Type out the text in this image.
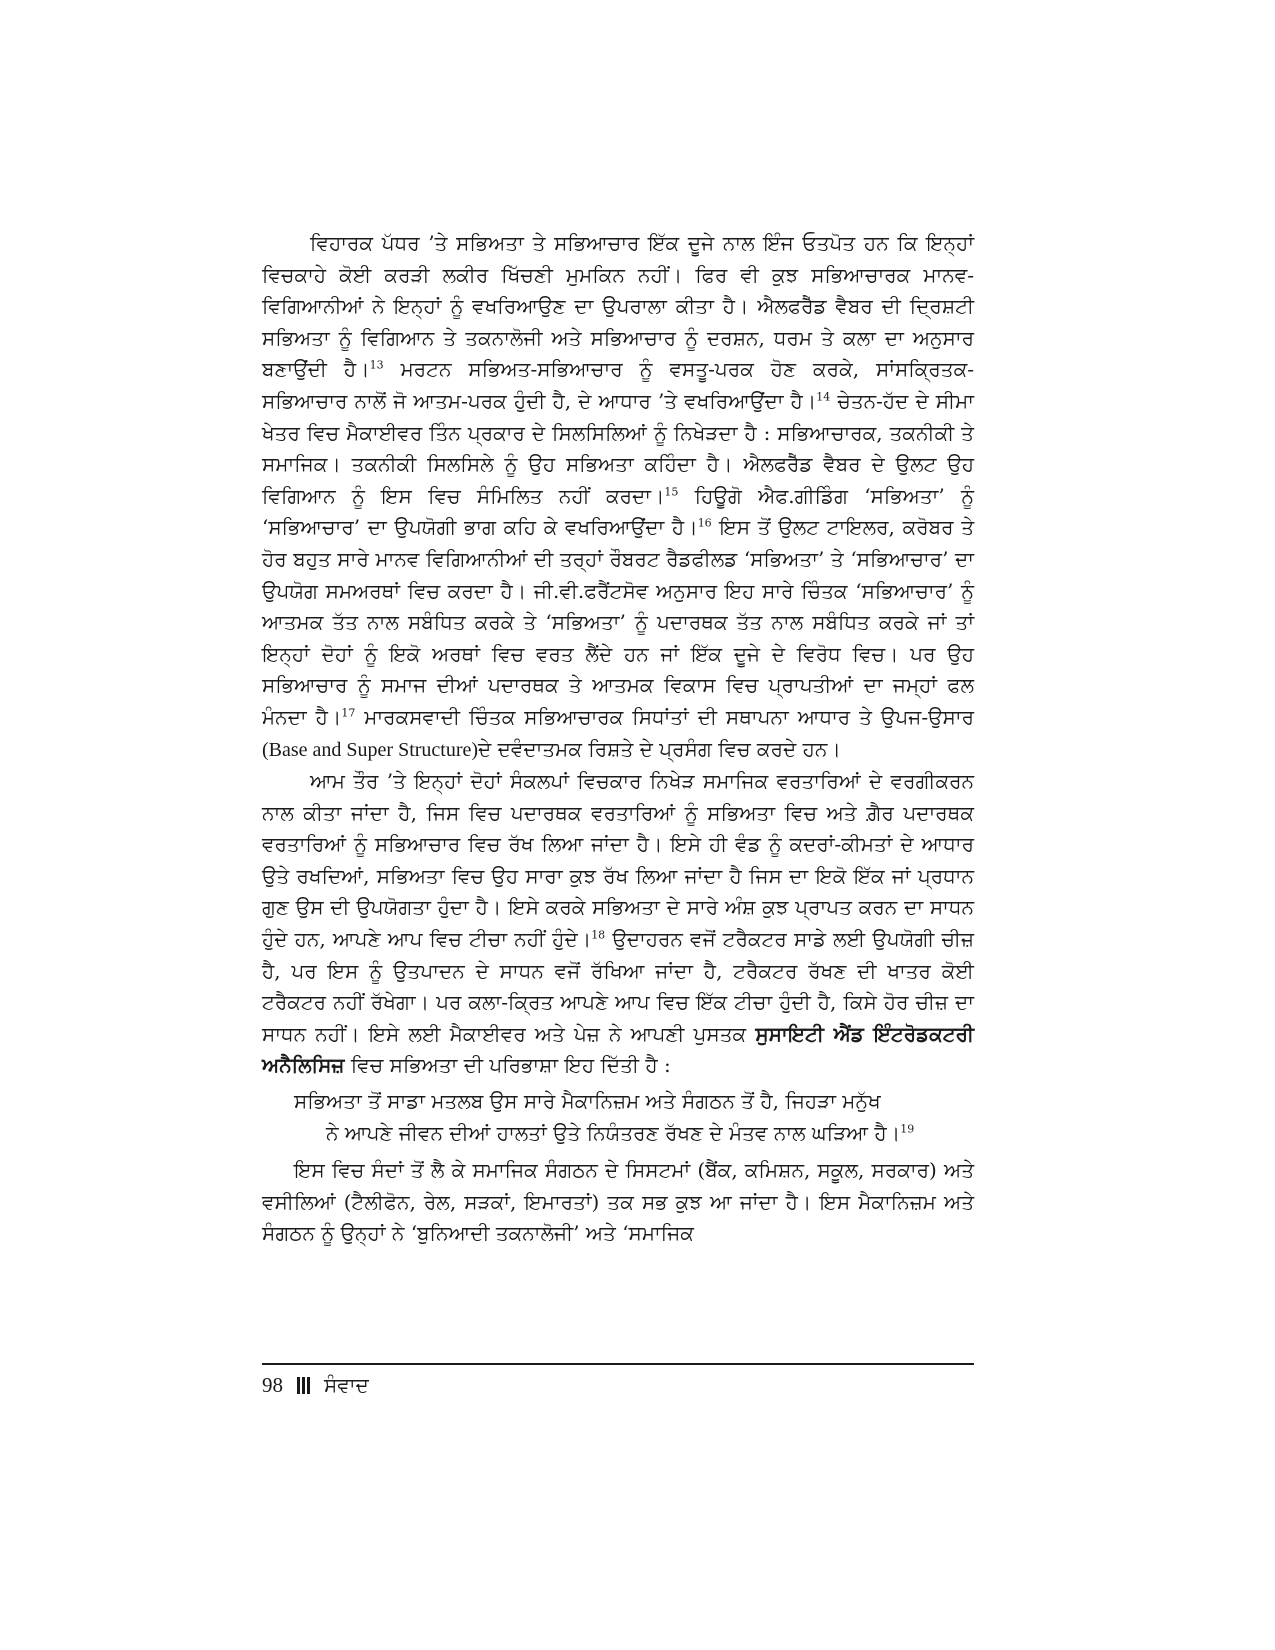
ਵਿਹਾਰਕ ਪੱਧਰ ’ਤੇ ਸਭਿਅਤਾ ਤੇ ਸਭਿਆਚਾਰ ਇੱਕ ਦੂਜੇ ਨਾਲ ਇੰਜ ਓਤਪੋਤ ਹਨ ਕਿ ਇਨ੍ਹਾਂ ਵਿਚਕਾਹੇ ਕੋਈ ਕਰੜੀ ਲਕੀਰ ਖਿੱਚਣੀ ਮੁਮਕਿਨ ਨਹੀਂ। ਫਿਰ ਵੀ ਕੁਝ ਸਭਿਆਚਾਰਕ ਮਾਨਵ-ਵਿਗਿਆਨੀਆਂ ਨੇ ਇਨ੍ਹਾਂ ਨੂੰ ਵਖਰਿਆਉਣ ਦਾ ਉਪਰਾਲਾ ਕੀਤਾ ਹੈ। ਐਲਫਰੈੱਡ ਵੈਬਰ ਦੀ ਦ੍ਰਿਸ਼ਟੀ ਸਭਿਅਤਾ ਨੂੰ ਵਿਗਿਆਨ ਤੇ ਤਕਨਾਲੋਜੀ ਅਤੇ ਸਭਿਆਚਾਰ ਨੂੰ ਦਰਸ਼ਨ, ਧਰਮ ਤੇ ਕਲਾ ਦਾ ਅਨੁਸਾਰ ਬਣਾਉਂਦੀ ਹੈ।$^{13}$ ਮਰਟਨ ਸਭਿਅਤ-ਸਭਿਆਚਾਰ ਨੂੰ ਵਸਤੂ-ਪਰਕ ਹੋਣ ਕਰਕੇ, ਸਾਂਸਕ੍ਰਿਤਕ-ਸਭਿਆਚਾਰ ਨਾਲੋਂ ਜੋ ਆਤਮ-ਪਰਕ ਹੁੰਦੀ ਹੈ, ਦੇ ਆਧਾਰ ’ਤੇ ਵਖਰਿਆਉਂਦਾ ਹੈ।$^{14}$ ਚੇਤਨ-ਹੱਦ ਦੇ ਸੀਮਾ ਖੇਤਰ ਵਿਚ ਮੈਕਾਈਵਰ ਤਿੰਨ ਪ੍ਰਕਾਰ ਦੇ ਸਿਲਸਿਲਿਆਂ ਨੂੰ ਨਿਖੇੜਦਾ ਹੈ : ਸਭਿਆਚਾਰਕ, ਤਕਨੀਕੀ ਤੇ ਸਮਾਜਿਕ। ਤਕਨੀਕੀ ਸਿਲਸਿਲੇ ਨੂੰ ਉਹ ਸਭਿਅਤਾ ਕਹਿੰਦਾ ਹੈ। ਐਲਫਰੈੱਡ ਵੈਬਰ ਦੇ ਉਲਟ ਉਹ ਵਿਗਿਆਨ ਨੂੰ ਇਸ ਵਿਚ ਸੰਮਿਲਿਤ ਨਹੀਂ ਕਰਦਾ।$^{15}$ ਹਿਊਗੋ ਐਫ.ਗੀਡਿੰਗ ‘ਸਭਿਅਤਾ’ ਨੂੰ ‘ਸਭਿਆਚਾਰ’ ਦਾ ਉਪਯੋਗੀ ਭਾਗ ਕਹਿ ਕੇ ਵਖਰਿਆਉਂਦਾ ਹੈ।$^{16}$ ਇਸ ਤੋਂ ਉਲਟ ਟਾਇਲਰ, ਕਰੋਬਰ ਤੇ ਹੋਰ ਬਹੁਤ ਸਾਰੇ ਮਾਨਵ ਵਿਗਿਆਨੀਆਂ ਦੀ ਤਰ੍ਹਾਂ ਰੌਬਰਟ ਰੈਡਫੀਲਡ ‘ਸਭਿਅਤਾ’ ਤੇ ‘ਸਭਿਆਚਾਰ’ ਦਾ ਉਪਯੋਗ ਸਮਅਰਥਾਂ ਵਿਚ ਕਰਦਾ ਹੈ। ਜੀ.ਵੀ.ਫਰੈਂਟਸੋਵ ਅਨੁਸਾਰ ਇਹ ਸਾਰੇ ਚਿੰਤਕ ‘ਸਭਿਆਚਾਰ’ ਨੂੰ ਆਤਮਕ ਤੱਤ ਨਾਲ ਸਬੰਧਿਤ ਕਰਕੇ ਤੇ ‘ਸਭਿਅਤਾ’ ਨੂੰ ਪਦਾਰਥਕ ਤੱਤ ਨਾਲ ਸਬੰਧਿਤ ਕਰਕੇ ਜਾਂ ਤਾਂ ਇਨ੍ਹਾਂ ਦੋਹਾਂ ਨੂੰ ਇਕੋ ਅਰਥਾਂ ਵਿਚ ਵਰਤ ਲੈਂਦੇ ਹਨ ਜਾਂ ਇੱਕ ਦੂਜੇ ਦੇ ਵਿਰੋਧ ਵਿਚ। ਪਰ ਉਹ ਸਭਿਆਚਾਰ ਨੂੰ ਸਮਾਜ ਦੀਆਂ ਪਦਾਰਥਕ ਤੇ ਆਤਮਕ ਵਿਕਾਸ ਵਿਚ ਪ੍ਰਾਪਤੀਆਂ ਦਾ ਜਮ੍ਹਾਂ ਫਲ ਮੰਨਦਾ ਹੈ।$^{17}$ ਮਾਰਕਸਵਾਦੀ ਚਿੰਤਕ ਸਭਿਆਚਾਰਕ ਸਿਧਾਂਤਾਂ ਦੀ ਸਥਾਪਨਾ ਆਧਾਰ ਤੇ ਉਪਜ-ਉਸਾਰ (Base and Super Structure)ਦੇ ਦਵੰਦਾਤਮਕ ਰਿਸ਼ਤੇ ਦੇ ਪ੍ਰਸੰਗ ਵਿਚ ਕਰਦੇ ਹਨ।

ਆਮ ਤੌਰ ’ਤੇ ਇਨ੍ਹਾਂ ਦੋਹਾਂ ਸੰਕਲਪਾਂ ਵਿਚਕਾਰ ਨਿਖੇੜ ਸਮਾਜਿਕ ਵਰਤਾਰਿਆਂ ਦੇ ਵਰਗੀਕਰਨ ਨਾਲ ਕੀਤਾ ਜਾਂਦਾ ਹੈ, ਜਿਸ ਵਿਚ ਪਦਾਰਥਕ ਵਰਤਾਰਿਆਂ ਨੂੰ ਸਭਿਅਤਾ ਵਿਚ ਅਤੇ ਗ਼ੈਰ ਪਦਾਰਥਕ ਵਰਤਾਰਿਆਂ ਨੂੰ ਸਭਿਆਚਾਰ ਵਿਚ ਰੱਖ ਲਿਆ ਜਾਂਦਾ ਹੈ। ਇਸੇ ਹੀ ਵੰਡ ਨੂੰ ਕਦਰਾਂ-ਕੀਮਤਾਂ ਦੇ ਆਧਾਰ ਉਤੇ ਰਖਦਿਆਂ, ਸਭਿਅਤਾ ਵਿਚ ਉਹ ਸਾਰਾ ਕੁਝ ਰੱਖ ਲਿਆ ਜਾਂਦਾ ਹੈ ਜਿਸ ਦਾ ਇਕੋ ਇੱਕ ਜਾਂ ਪ੍ਰਧਾਨ ਗੁਣ ਉਸ ਦੀ ਉਪਯੋਗਤਾ ਹੁੰਦਾ ਹੈ। ਇਸੇ ਕਰਕੇ ਸਭਿਅਤਾ ਦੇ ਸਾਰੇ ਅੰਸ਼ ਕੁਝ ਪ੍ਰਾਪਤ ਕਰਨ ਦਾ ਸਾਧਨ ਹੁੰਦੇ ਹਨ, ਆਪਣੇ ਆਪ ਵਿਚ ਟੀਚਾ ਨਹੀਂ ਹੁੰਦੇ।$^{18}$ ਉਦਾਹਰਨ ਵਜੋਂ ਟਰੈਕਟਰ ਸਾਡੇ ਲਈ ਉਪਯੋਗੀ ਚੀਜ਼ ਹੈ, ਪਰ ਇਸ ਨੂੰ ਉਤਪਾਦਨ ਦੇ ਸਾਧਨ ਵਜੋਂ ਰੱਖਿਆ ਜਾਂਦਾ ਹੈ, ਟਰੈਕਟਰ ਰੱਖਣ ਦੀ ਖਾਤਰ ਕੋਈ ਟਰੈਕਟਰ ਨਹੀਂ ਰੱਖੇਗਾ। ਪਰ ਕਲਾ-ਕ੍ਰਿਤ ਆਪਣੇ ਆਪ ਵਿਚ ਇੱਕ ਟੀਚਾ ਹੁੰਦੀ ਹੈ, ਕਿਸੇ ਹੋਰ ਚੀਜ਼ ਦਾ ਸਾਧਨ ਨਹੀਂ। ਇਸੇ ਲਈ ਮੈਕਾਈਵਰ ਅਤੇ ਪੇਜ਼ ਨੇ ਆਪਣੀ ਪੁਸਤਕ ਸੁਸਾਇਟੀ ਐਂਡ ਇੰਟਰੋਡਕਟਰੀ ਅਨੈਲਿਸਿਜ਼ ਵਿਚ ਸਭਿਅਤਾ ਦੀ ਪਰਿਭਾਸ਼ਾ ਇਹ ਦਿੱਤੀ ਹੈ :

ਸਭਿਅਤਾ ਤੋਂ ਸਾਡਾ ਮਤਲਬ ਉਸ ਸਾਰੇ ਮੈਕਾਨਿਜ਼ਮ ਅਤੇ ਸੰਗਠਨ ਤੋਂ ਹੈ, ਜਿਹੜਾ ਮਨੁੱਖ
ਨੇ ਆਪਣੇ ਜੀਵਨ ਦੀਆਂ ਹਾਲਤਾਂ ਉਤੇ ਨਿਯੰਤਰਣ ਰੱਖਣ ਦੇ ਮੰਤਵ ਨਾਲ ਘੜਿਆ ਹੈ।$^{19}$

ਇਸ ਵਿਚ ਸੰਦਾਂ ਤੋਂ ਲੈ ਕੇ ਸਮਾਜਿਕ ਸੰਗਠਨ ਦੇ ਸਿਸਟਮਾਂ (ਬੈਂਕ, ਕਮਿਸ਼ਨ, ਸਕੂਲ, ਸਰਕਾਰ) ਅਤੇ ਵਸੀਲਿਆਂ (ਟੈਲੀਫੋਨ, ਰੇਲ, ਸੜਕਾਂ, ਇਮਾਰਤਾਂ) ਤਕ ਸਭ ਕੁਝ ਆ ਜਾਂਦਾ ਹੈ। ਇਸ ਮੈਕਾਨਿਜ਼ਮ ਅਤੇ ਸੰਗਠਨ ਨੂੰ ਉਨ੍ਹਾਂ ਨੇ ‘ਬੁਨਿਆਦੀ ਤਕਨਾਲੋਜੀ’ ਅਤੇ ‘ਸਮਾਜਿਕ

98 ਸੰਵਾਦ
